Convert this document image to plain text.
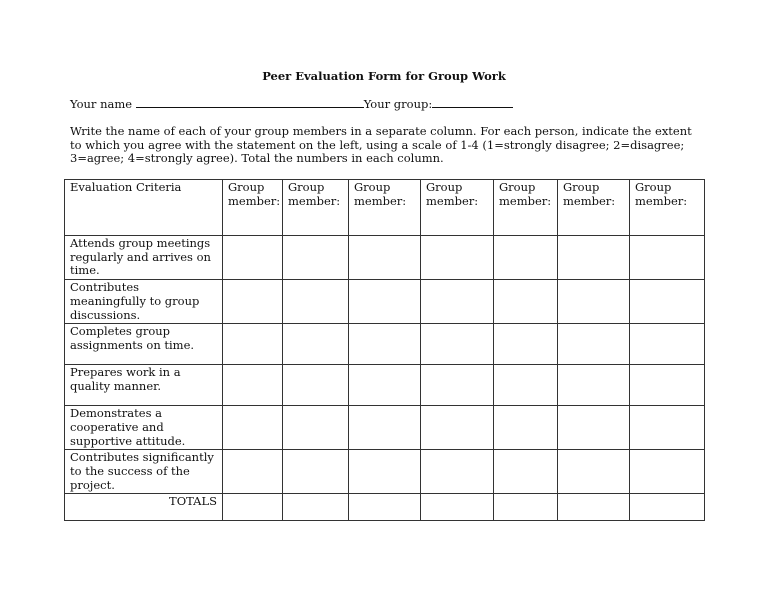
Peer Evaluation Form for Group Work
Your name	Your group:
Write the name of each of your group members in a separate column. For each person, indicate the extent to which you agree with the statement on the left, using a scale of 1-4 (1=strongly disagree; 2=disagree; 3=agree; 4=strongly agree). Total the numbers in each column.
Evaluation Criteria	Group member:	Group member:	Group member:	Group member:	Group member:	Group member:	Group member:
Attends group meetings regularly and arrives on time.							
Contributes meaningfully to group discussions.							
Completes group assignments on time.							
Prepares work in a quality manner.							
Demonstrates a cooperative and supportive attitude.							
Contributes significantly to the success of the project.							
TOTALS							
